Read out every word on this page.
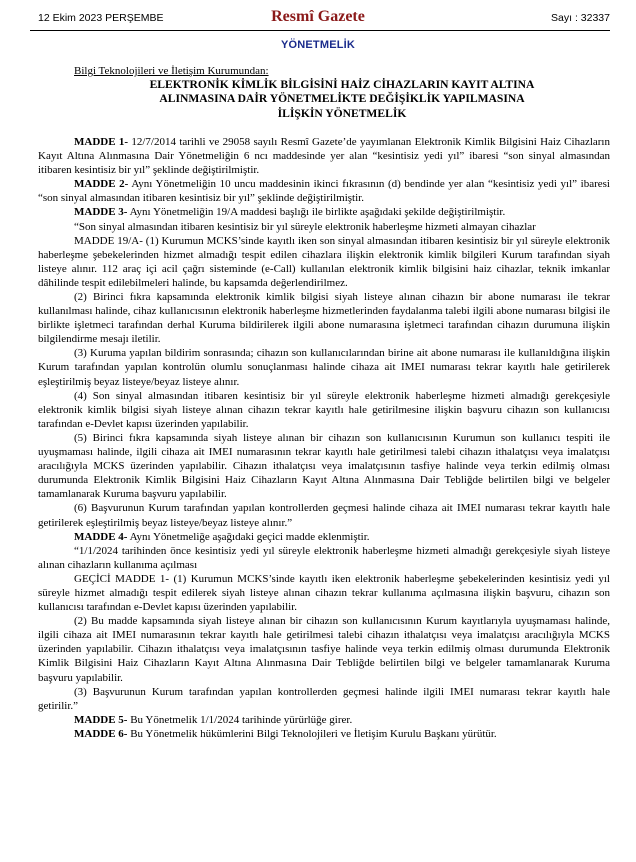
12 Ekim 2023 PERŞEMBE	Resmî Gazete	Sayı : 32337
YÖNETMELİK

Bilgi Teknolojileri ve İletişim Kurumundan:

ELEKTRONİK KİMLİK BİLGİSİNİ HAİZ CİHAZLARIN KAYIT ALTINA
ALINMASINA DAİR YÖNETMELİKTE DEĞİŞİKLİK YAPILMASINA
İLİŞKİN YÖNETMELİK

MADDE 1- 12/7/2014 tarihli ve 29058 sayılı Resmî Gazete’de yayımlanan Elektronik Kimlik Bilgisini Haiz Cihazların Kayıt Altına Alınmasına Dair Yönetmeliğin 6 ncı maddesinde yer alan “kesintisiz yedi yıl” ibaresi “son sinyal almasından itibaren kesintisiz bir yıl” şeklinde değiştirilmiştir.

MADDE 2- Aynı Yönetmeliğin 10 uncu maddesinin ikinci fıkrasının (d) bendinde yer alan “kesintisiz yedi yıl” ibaresi “son sinyal almasından itibaren kesintisiz bir yıl” şeklinde değiştirilmiştir.

MADDE 3- Aynı Yönetmeliğin 19/A maddesi başlığı ile birlikte aşağıdaki şekilde değiştirilmiştir.

“Son sinyal almasından itibaren kesintisiz bir yıl süreyle elektronik haberleşme hizmeti almayan cihazlar

MADDE 19/A- (1) Kurumun MCKS’sinde kayıtlı iken son sinyal almasından itibaren kesintisiz bir yıl süreyle elektronik haberleşme şebekelerinden hizmet almadığı tespit edilen cihazlara ilişkin elektronik kimlik bilgileri Kurum tarafından siyah listeye alınır. 112 araç içi acil çağrı sisteminde (e-Call) kullanılan elektronik kimlik bilgisini haiz cihazlar, teknik imkanlar dâhilinde tespit edilebilmeleri halinde, bu kapsamda değerlendirilmez.

(2) Birinci fıkra kapsamında elektronik kimlik bilgisi siyah listeye alınan cihazın bir abone numarası ile tekrar kullanılması halinde, cihaz kullanıcısının elektronik haberleşme hizmetlerinden faydalanma talebi ilgili abone numarası bilgisi ile birlikte işletmeci tarafından derhal Kuruma bildirilerek ilgili abone numarasına işletmeci tarafından cihazın durumuna ilişkin bilgilendirme mesajı iletilir.

(3) Kuruma yapılan bildirim sonrasında; cihazın son kullanıcılarından birine ait abone numarası ile kullanıldığına ilişkin Kurum tarafından yapılan kontrolün olumlu sonuçlanması halinde cihaza ait IMEI numarası tekrar kayıtlı hale getirilerek eşleştirilmiş beyaz listeye/beyaz listeye alınır.

(4) Son sinyal almasından itibaren kesintisiz bir yıl süreyle elektronik haberleşme hizmeti almadığı gerekçesiyle elektronik kimlik bilgisi siyah listeye alınan cihazın tekrar kayıtlı hale getirilmesine ilişkin başvuru cihazın son kullanıcısı tarafından e-Devlet kapısı üzerinden yapılabilir.

(5) Birinci fıkra kapsamında siyah listeye alınan bir cihazın son kullanıcısının Kurumun son kullanıcı tespiti ile uyuşmaması halinde, ilgili cihaza ait IMEI numarasının tekrar kayıtlı hale getirilmesi talebi cihazın ithalatçısı veya imalatçısı aracılığıyla MCKS üzerinden yapılabilir. Cihazın ithalatçısı veya imalatçısının tasfiye halinde veya terkin edilmiş olması durumunda Elektronik Kimlik Bilgisini Haiz Cihazların Kayıt Altına Alınmasına Dair Tebliğde belirtilen bilgi ve belgeler tamamlanarak Kuruma başvuru yapılabilir.

(6) Başvurunun Kurum tarafından yapılan kontrollerden geçmesi halinde cihaza ait IMEI numarası tekrar kayıtlı hale getirilerek eşleştirilmiş beyaz listeye/beyaz listeye alınır.”

MADDE 4- Aynı Yönetmeliğe aşağıdaki geçici madde eklenmiştir.

“1/1/2024 tarihinden önce kesintisiz yedi yıl süreyle elektronik haberleşme hizmeti almadığı gerekçesiyle siyah listeye alınan cihazların kullanıma açılması

GEÇİCİ MADDE 1- (1) Kurumun MCKS’sinde kayıtlı iken elektronik haberleşme şebekelerinden kesintisiz yedi yıl süreyle hizmet almadığı tespit edilerek siyah listeye alınan cihazın tekrar kullanıma açılmasına ilişkin başvuru, cihazın son kullanıcısı tarafından e-Devlet kapısı üzerinden yapılabilir.

(2) Bu madde kapsamında siyah listeye alınan bir cihazın son kullanıcısının Kurum kayıtlarıyla uyuşmaması halinde, ilgili cihaza ait IMEI numarasının tekrar kayıtlı hale getirilmesi talebi cihazın ithalatçısı veya imalatçısı aracılığıyla MCKS üzerinden yapılabilir. Cihazın ithalatçısı veya imalatçısının tasfiye halinde veya terkin edilmiş olması durumunda Elektronik Kimlik Bilgisini Haiz Cihazların Kayıt Altına Alınmasına Dair Tebliğde belirtilen bilgi ve belgeler tamamlanarak Kuruma başvuru yapılabilir.

(3) Başvurunun Kurum tarafından yapılan kontrollerden geçmesi halinde ilgili IMEI numarası tekrar kayıtlı hale getirilir.”

MADDE 5- Bu Yönetmelik 1/1/2024 tarihinde yürürlüğe girer.

MADDE 6- Bu Yönetmelik hükümlerini Bilgi Teknolojileri ve İletişim Kurulu Başkanı yürütür.
